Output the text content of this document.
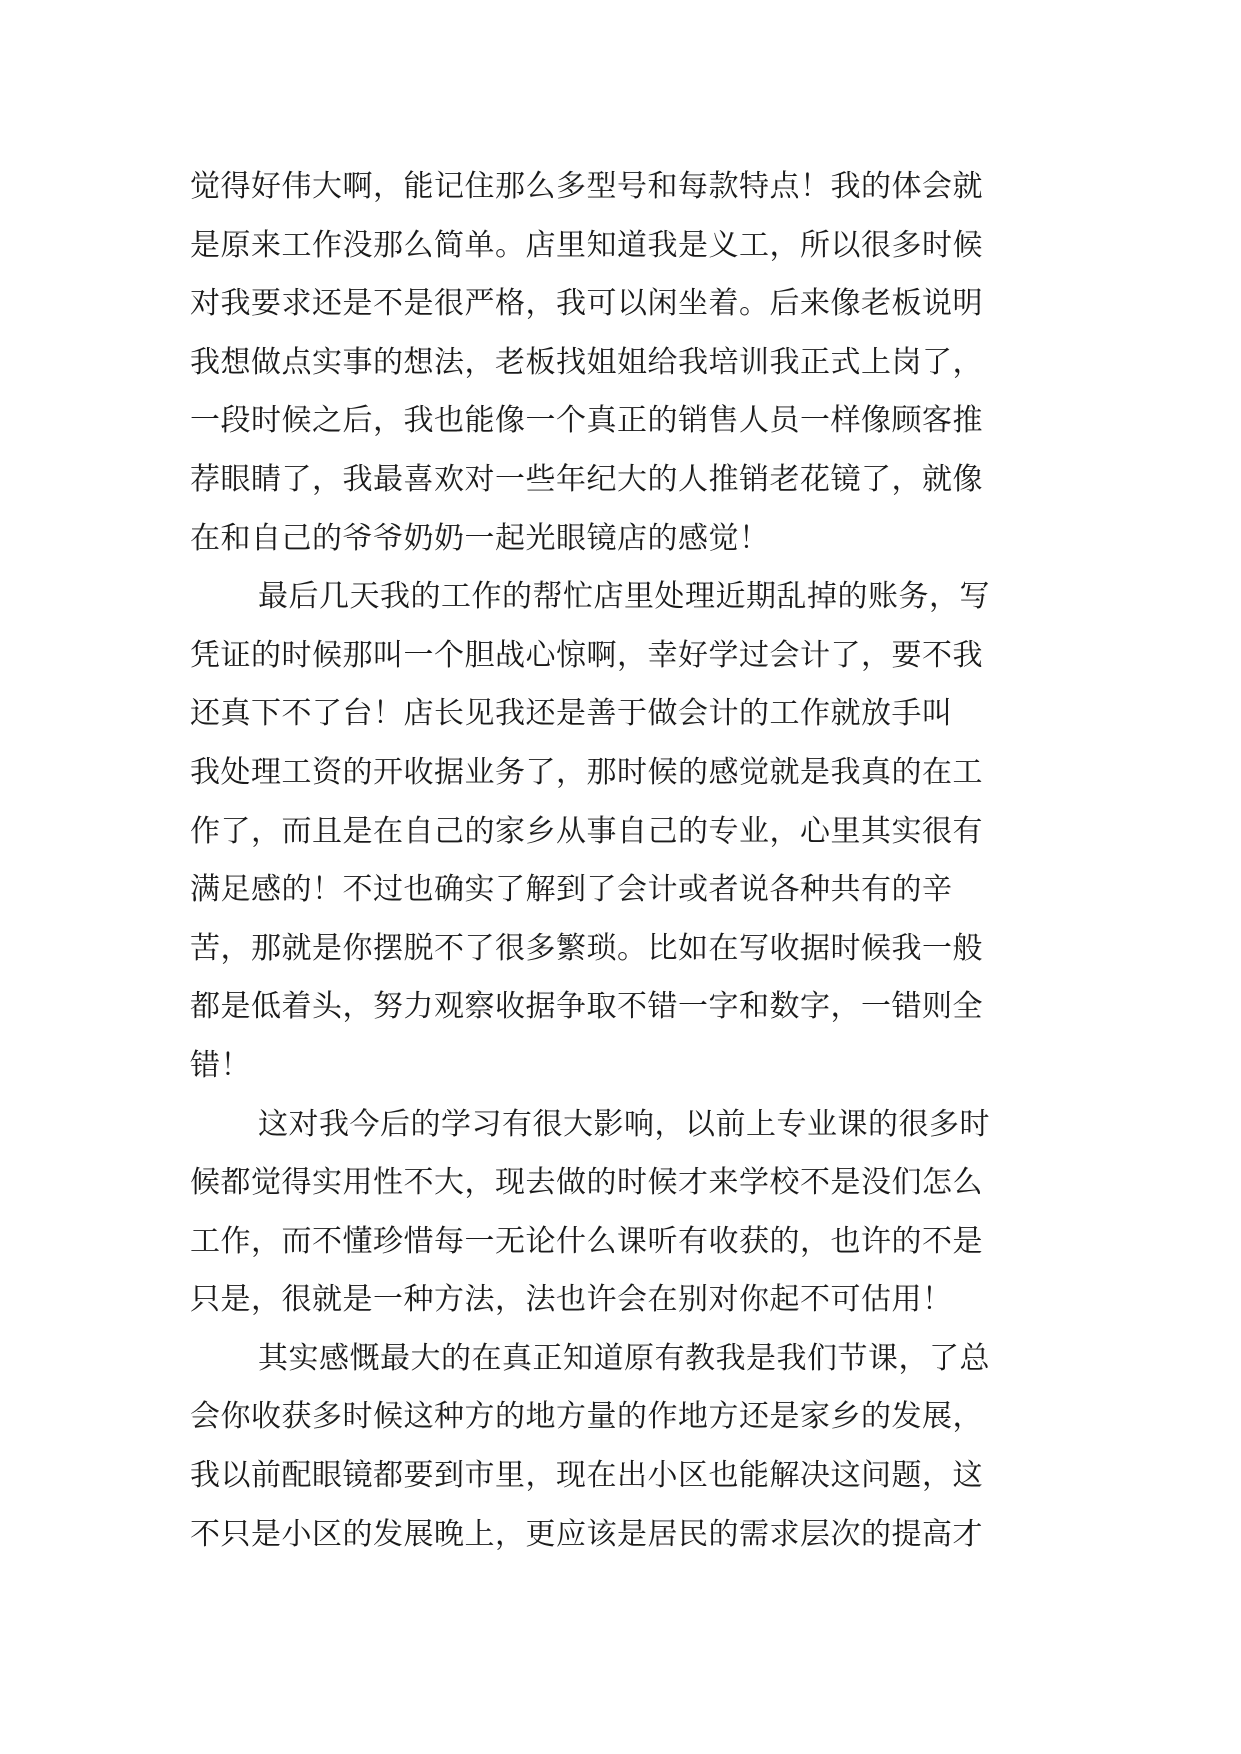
觉得好伟大啊，能记住那么多型号和每款特点！我的体会就
是原来工作没那么简单。店里知道我是义工，所以很多时候
对我要求还是不是很严格，我可以闲坐着。后来像老板说明
我想做点实事的想法，老板找姐姐给我培训我正式上岗了，
一段时候之后，我也能像一个真正的销售人员一样像顾客推
荐眼睛了，我最喜欢对一些年纪大的人推销老花镜了，就像
在和自己的爷爷奶奶一起光眼镜店的感觉！
最后几天我的工作的帮忙店里处理近期乱掉的账务，写
凭证的时候那叫一个胆战心惊啊，幸好学过会计了，要不我
还真下不了台！店长见我还是善于做会计的工作就放手叫
我处理工资的开收据业务了，那时候的感觉就是我真的在工
作了，而且是在自己的家乡从事自己的专业，心里其实很有
满足感的！不过也确实了解到了会计或者说各种共有的辛
苦，那就是你摆脱不了很多繁琐。比如在写收据时候我一般
都是低着头，努力观察收据争取不错一字和数字，一错则全
错！
这对我今后的学习有很大影响，以前上专业课的很多时
候都觉得实用性不大，现去做的时候才来学校不是没们怎么
工作，而不懂珍惜每一无论什么课听有收获的，也许的不是
只是，很就是一种方法，法也许会在别对你起不可估用！
其实感慨最大的在真正知道原有教我是我们节课，了总
会你收获多时候这种方的地方量的作地方还是家乡的发展，
我以前配眼镜都要到市里，现在出小区也能解决这问题，这
不只是小区的发展晚上，更应该是居民的需求层次的提高才
